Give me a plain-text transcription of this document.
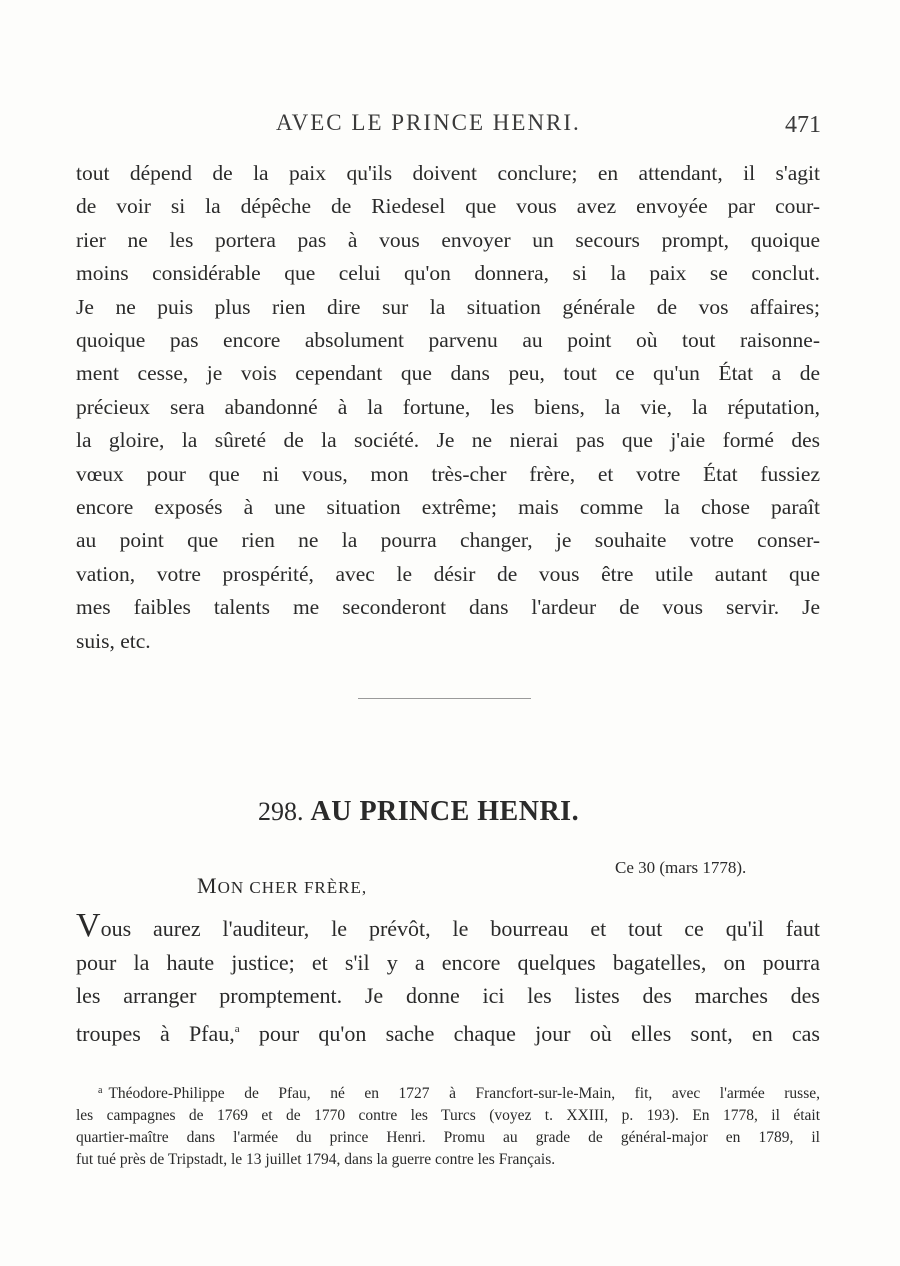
AVEC LE PRINCE HENRI.	471
tout dépend de la paix qu'ils doivent conclure; en attendant, il s'agit
de voir si la dépêche de Riedesel que vous avez envoyée par cour-
rier ne les portera pas à vous envoyer un secours prompt, quoique
moins considérable que celui qu'on donnera, si la paix se conclut.
Je ne puis plus rien dire sur la situation générale de vos affaires;
quoique pas encore absolument parvenu au point où tout raisonne-
ment cesse, je vois cependant que dans peu, tout ce qu'un État a de
précieux sera abandonné à la fortune, les biens, la vie, la réputation,
la gloire, la sûreté de la société. Je ne nierai pas que j'aie formé des
vœux pour que ni vous, mon très-cher frère, et votre État fussiez
encore exposés à une situation extrême; mais comme la chose paraît
au point que rien ne la pourra changer, je souhaite votre conser-
vation, votre prospérité, avec le désir de vous être utile autant que
mes faibles talents me seconderont dans l'ardeur de vous servir. Je
suis, etc.
298. AU PRINCE HENRI.
Ce 30 (mars 1778).
MON CHER FRÈRE,
Vous aurez l'auditeur, le prévôt, le bourreau et tout ce qu'il faut
pour la haute justice; et s'il y a encore quelques bagatelles, on pourra
les arranger promptement. Je donne ici les listes des marches des
troupes à Pfau,$^a$ pour qu'on sache chaque jour où elles sont, en cas
$^a$ Théodore-Philippe de Pfau, né en 1727 à Francfort-sur-le-Main, fit, avec l'armée russe,
les campagnes de 1769 et de 1770 contre les Turcs (voyez t. XXIII, p. 193). En 1778, il était
quartier-maître dans l'armée du prince Henri. Promu au grade de général-major en 1789, il
fut tué près de Tripstadt, le 13 juillet 1794, dans la guerre contre les Français.
